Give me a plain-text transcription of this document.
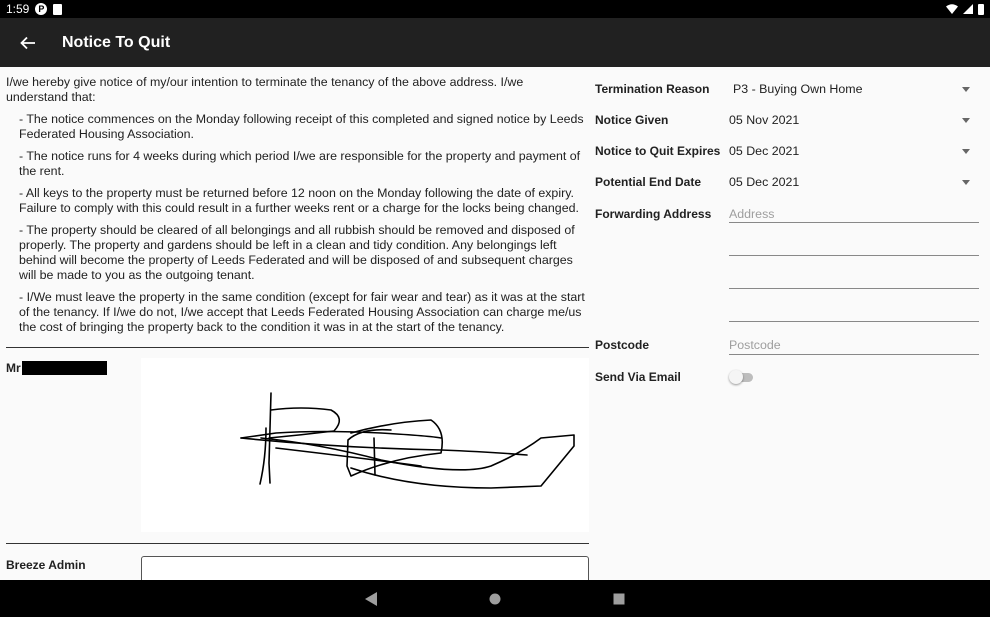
1:59 P
Notice To Quit

I/we hereby give notice of my/our intention to terminate the tenancy of the above address. I/we understand that:

- The notice commences on the Monday following receipt of this completed and signed notice by Leeds Federated Housing Association.

- The notice runs for 4 weeks during which period I/we are responsible for the property and payment of the rent.

- All keys to the property must be returned before 12 noon on the Monday following the date of expiry. Failure to comply with this could result in a further weeks rent or a charge for the locks being changed.

- The property should be cleared of all belongings and all rubbish should be removed and disposed of properly. The property and gardens should be left in a clean and tidy condition. Any belongings left behind will become the property of Leeds Federated and will be disposed of and subsequent charges will be made to you as the outgoing tenant.

- I/We must leave the property in the same condition (except for fair wear and tear) as it was at the start of the tenancy. If I/we do not, I/we accept that Leeds Federated Housing Association can charge me/us the cost of bringing the property back to the condition it was in at the start of the tenancy.

Mr
Breeze Admin
Termination Reason	P3 - Buying Own Home
Notice Given	05 Nov 2021
Notice to Quit Expires 05 Dec 2021
Potential End Date	05 Dec 2021
Forwarding Address	Address
Postcode	Postcode
Send Via Email
